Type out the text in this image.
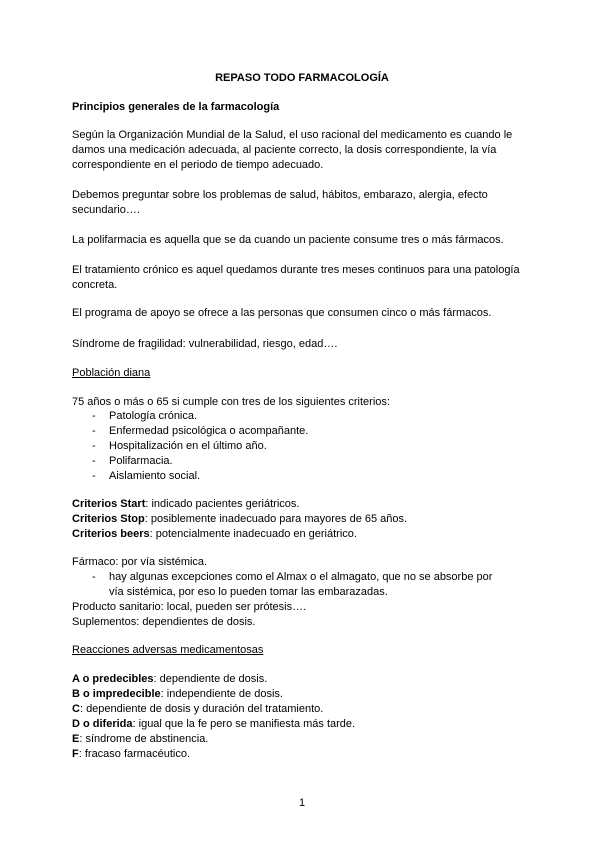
REPASO TODO FARMACOLOGÍA

Principios generales de la farmacología

Según la Organización Mundial de la Salud, el uso racional del medicamento es cuando le damos una medicación adecuada, al paciente correcto, la dosis correspondiente, la vía correspondiente en el periodo de tiempo adecuado.

Debemos preguntar sobre los problemas de salud, hábitos, embarazo, alergia, efecto secundario….

La polifarmacia es aquella que se da cuando un paciente consume tres o más fármacos.

El tratamiento crónico es aquel quedamos durante tres meses continuos para una patología concreta.

El programa de apoyo se ofrece a las personas que consumen cinco o más fármacos.

Síndrome de fragilidad: vulnerabilidad, riesgo, edad….

Población diana

75 años o más o 65 si cumple con tres de los siguientes criterios:

- Patología crónica.
- Enfermedad psicológica o acompañante.
- Hospitalización en el último año.
- Polifarmacia.
- Aislamiento social.

Criterios Start: indicado pacientes geriátricos.

Criterios Stop: posiblemente inadecuado para mayores de 65 años.

Criterios beers: potencialmente inadecuado en geriátrico.

Fármaco: por vía sistémica.

- hay algunas excepciones como el Almax o el almagato, que no se absorbe por vía sistémica, por eso lo pueden tomar las embarazadas.

Producto sanitario: local, pueden ser prótesis….

Suplementos: dependientes de dosis.

Reacciones adversas medicamentosas

A o predecibles: dependiente de dosis.

B o impredecible: independiente de dosis.

C: dependiente de dosis y duración del tratamiento.

D o diferida: igual que la fe pero se manifiesta más tarde.

E: síndrome de abstinencia.

F: fracaso farmacéutico.

1
